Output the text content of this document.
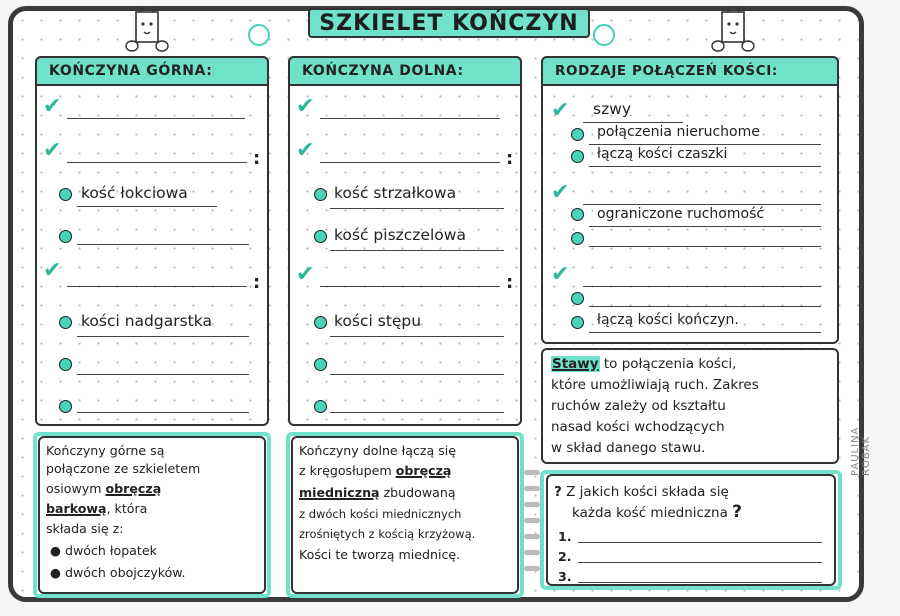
SZKIELET KOŃCZYN
KOŃCZYNA GÓRNA:
✔
✔	:
kość łokciowa
✔	:
kości nadgarstka
KOŃCZYNA DOLNA:
✔
✔	:
kość strzałkowa
kość piszczelowa
✔	:
kości stępu
RODZAJE POŁĄCZEŃ KOŚCI:
✔ szwy
połączenia nieruchome
łączą kości czaszki
✔
ograniczone ruchomość
✔
łączą kości kończyn.
Stawy to połączenia kości,
które umożliwiają ruch. Zakres
ruchów zależy od kształtu
nasad kości wchodzących
w skład danego stawu.
Kończyny górne są
połączone ze szkieletem
osiowym obręczą
barkową, która
składa się z:
● dwóch łopatek
● dwóch obojczyków.
Kończyny dolne łączą się
z kręgosłupem obręczą
miedniczną zbudowaną
z dwóch kości miednicznych
zrośniętych z kością krzyżową.
Kości te tworzą miednicę.
? Z jakich kości składa się
każda kość miedniczna ?
1.
2.
3.
PAULINA ROBAK
